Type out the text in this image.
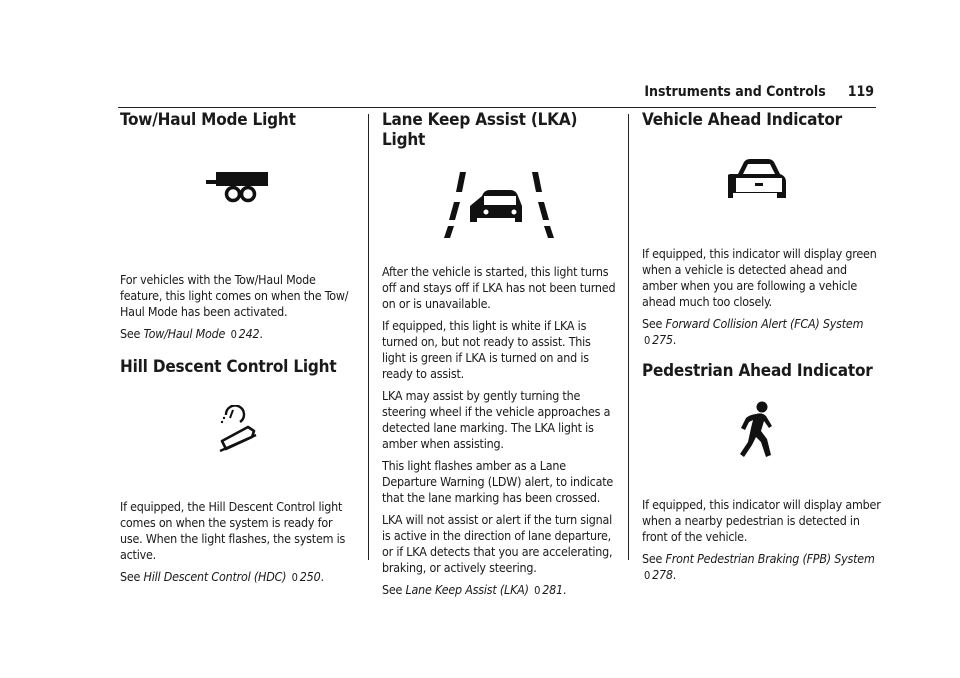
Instruments and Controls 119
Tow/Haul Mode Light

For vehicles with the Tow/Haul Mode feature, this light comes on when the Tow/ Haul Mode has been activated.

See Tow/Haul Mode 0 242.

Hill Descent Control Light

If equipped, the Hill Descent Control light comes on when the system is ready for use. When the light flashes, the system is active.

See Hill Descent Control (HDC) 0 250.

Lane Keep Assist (LKA) Light

After the vehicle is started, this light turns off and stays off if LKA has not been turned on or is unavailable.

If equipped, this light is white if LKA is turned on, but not ready to assist. This light is green if LKA is turned on and is ready to assist.

LKA may assist by gently turning the steering wheel if the vehicle approaches a detected lane marking. The LKA light is amber when assisting.

This light flashes amber as a Lane Departure Warning (LDW) alert, to indicate that the lane marking has been crossed.

LKA will not assist or alert if the turn signal is active in the direction of lane departure, or if LKA detects that you are accelerating, braking, or actively steering.

See Lane Keep Assist (LKA) 0 281.

Vehicle Ahead Indicator

If equipped, this indicator will display green when a vehicle is detected ahead and amber when you are following a vehicle ahead much too closely.

See Forward Collision Alert (FCA) System
0 275.

Pedestrian Ahead Indicator

If equipped, this indicator will display amber when a nearby pedestrian is detected in front of the vehicle.

See Front Pedestrian Braking (FPB) System
0 278.
